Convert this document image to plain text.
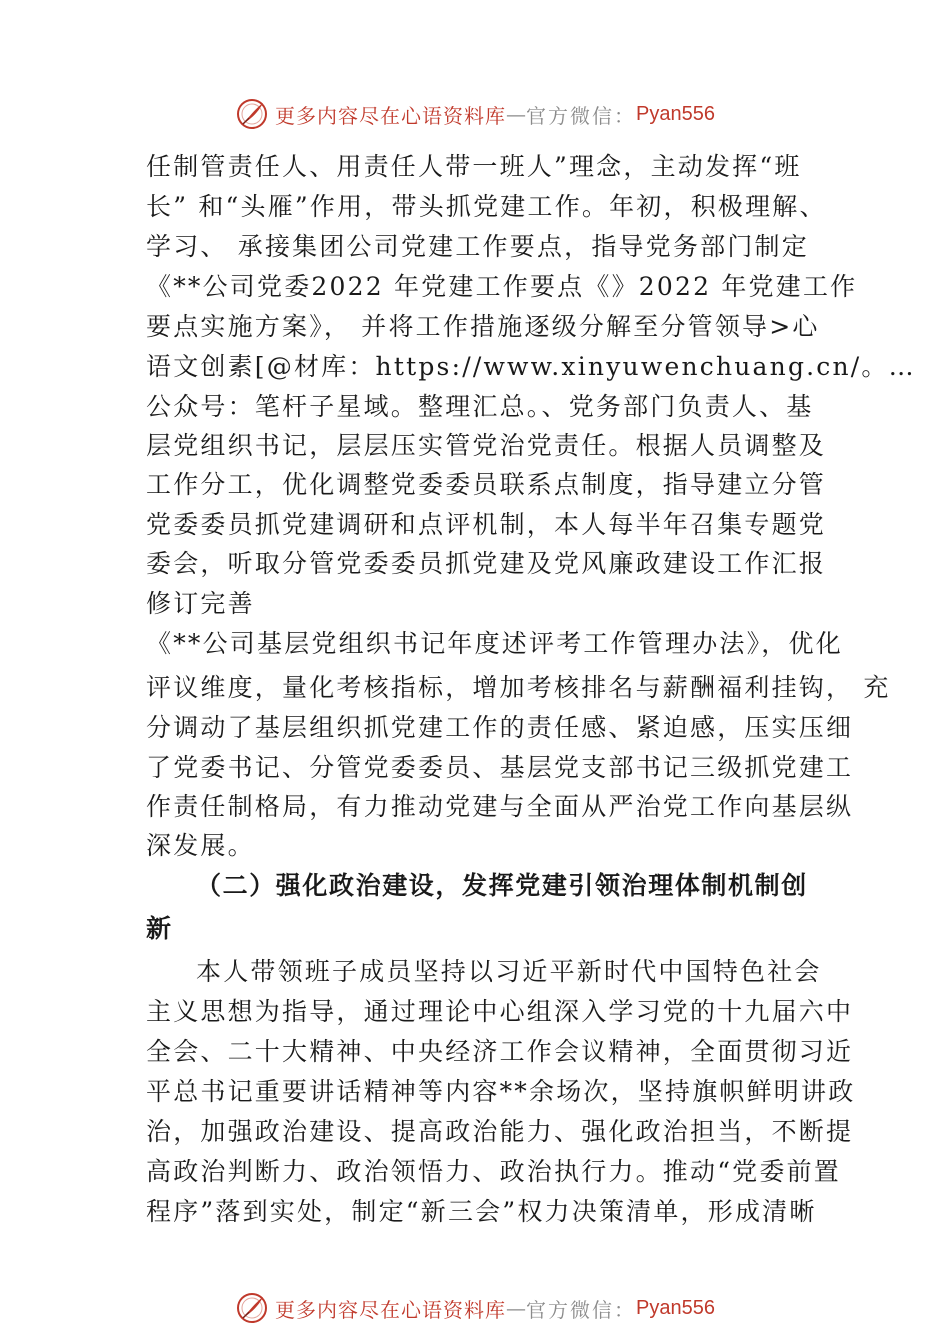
更多内容尽在心语资料库 — 官方微信： Pyan556
任制管责任人、用责任人带一班人”理念，主动发挥“班
长” 和“头雁”作用，带头抓党建工作。年初，积极理解、
学习、 承接集团公司党建工作要点，指导党务部门制定
《**公司党委2022 年党建工作要点《》2022 年党建工作
要点实施方案》， 并将工作措施逐级分解至分管领导>心
语文创素[@材库：https://www.xinyuwenchuang.cn/。…
公众号：笔杆子星域。整理汇总。、党务部门负责人、基
层党组织书记，层层压实管党治党责任。根据人员调整及
工作分工，优化调整党委委员联系点制度，指导建立分管
党委委员抓党建调研和点评机制，本人每半年召集专题党
委会，听取分管党委委员抓党建及党风廉政建设工作汇报
修订完善
《**公司基层党组织书记年度述评考工作管理办法》，优化
评议维度，量化考核指标，增加考核排名与薪酬福利挂钩， 充
分调动了基层组织抓党建工作的责任感、紧迫感，压实压细
了党委书记、分管党委委员、基层党支部书记三级抓党建工
作责任制格局，有力推动党建与全面从严治党工作向基层纵
深发展。
（二）强化政治建设，发挥党建引领治理体制机制创
新
本人带领班子成员坚持以习近平新时代中国特色社会
主义思想为指导，通过理论中心组深入学习党的十九届六中
全会、二十大精神、中央经济工作会议精神，全面贯彻习近
平总书记重要讲话精神等内容**余场次，坚持旗帜鲜明讲政
治，加强政治建设、提高政治能力、强化政治担当，不断提
高政治判断力、政治领悟力、政治执行力。推动“党委前置
程序”落到实处，制定“新三会”权力决策清单，形成清晰
更多内容尽在心语资料库 — 官方微信： Pyan556
